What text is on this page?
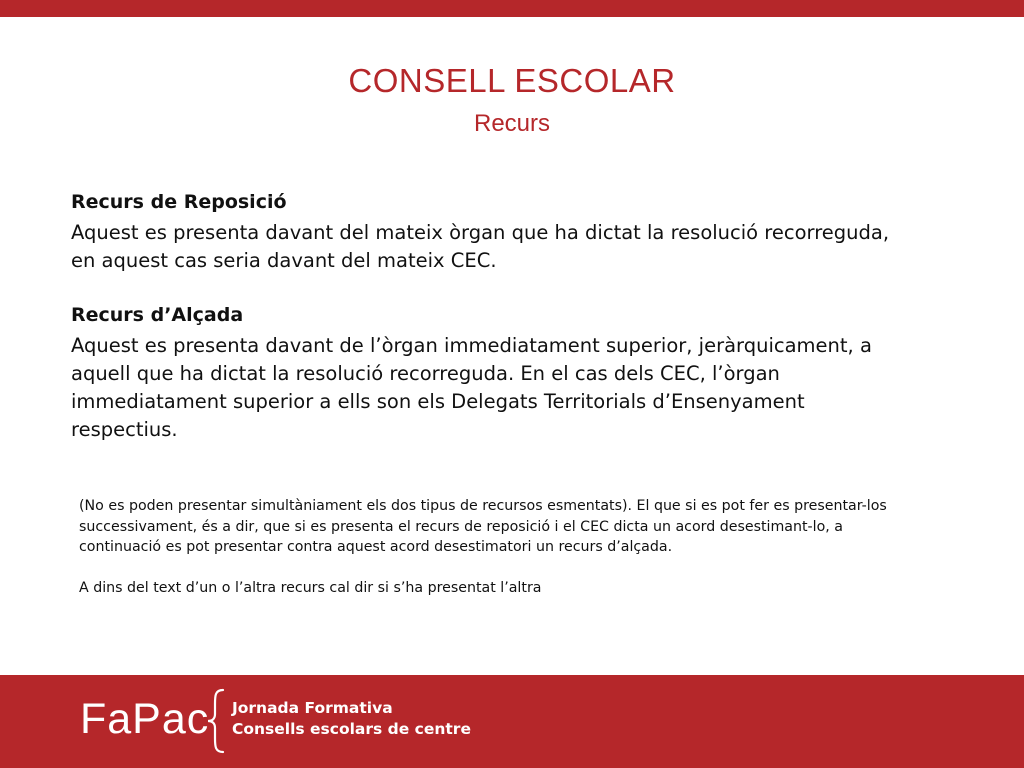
CONSELL ESCOLAR
Recurs
Recurs de Reposició
Aquest es presenta davant del mateix òrgan que ha dictat la resolució recorreguda, en aquest cas seria davant del mateix CEC.
Recurs d’Alçada
Aquest es presenta davant de l’òrgan immediatament superior, jeràrquicament, a aquell que ha dictat la resolució recorreguda. En el cas dels CEC, l’òrgan immediatament superior a ells son els Delegats Territorials d’Ensenyament respectius.

(No es poden presentar simultàniament els dos tipus de recursos esmentats). El que si es pot fer es presentar-los successivament, és a dir, que si es presenta el recurs de reposició i el CEC dicta un acord desestimant-lo, a continuació es pot presentar contra aquest acord desestimatori un recurs d’alçada.

A dins del text d’un o l’altra recurs cal dir si s’ha presentat l’altra

FaPac Jornada Formativa
Consells escolars de centre
